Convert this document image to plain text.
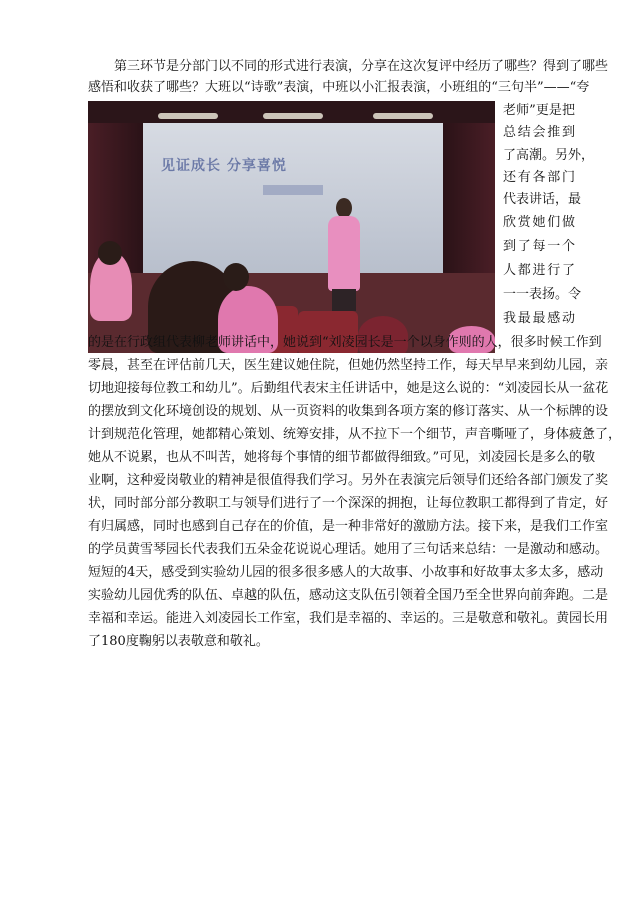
第三环节是分部门以不同的形式进行表演，分享在这次复评中经历了哪些？得到了哪些
感悟和收获了哪些？大班以“诗歌”表演，中班以小汇报表演，小班组的“三句半”——“夸
老师”更是把
总结会推到
了高潮。另外，
还有各部门
代表讲话，最
欣赏她们做
到了每一个
人都进行了
一一表扬。令
我最最感动
见证成长 分享喜悦
的是在行政组代表柳老师讲话中，她说到“刘凌园长是一个以身作则的人，很多时候工作到
零晨，甚至在评估前几天，医生建议她住院，但她仍然坚持工作，每天早早来到幼儿园，亲
切地迎接每位教工和幼儿”。后勤组代表宋主任讲话中，她是这么说的：“刘凌园长从一盆花
的摆放到文化环境创设的规划、从一页资料的收集到各项方案的修订落实、从一个标牌的设
计到规范化管理，她都精心策划、统筹安排，从不拉下一个细节，声音嘶哑了，身体疲惫了，
她从不说累，也从不叫苦，她将每个事情的细节都做得细致。”可见，刘凌园长是多么的敬
业啊，这种爱岗敬业的精神是很值得我们学习。另外在表演完后领导们还给各部门颁发了奖
状，同时部分部分教职工与领导们进行了一个深深的拥抱，让每位教职工都得到了肯定，好
有归属感，同时也感到自己存在的价值，是一种非常好的激励方法。接下来，是我们工作室
的学员黄雪琴园长代表我们五朵金花说说心理话。她用了三句话来总结：一是激动和感动。
短短的4天，感受到实验幼儿园的很多很多感人的大故事、小故事和好故事太多太多，感动
实验幼儿园优秀的队伍、卓越的队伍，感动这支队伍引领着全国乃至全世界向前奔跑。二是
幸福和幸运。能进入刘凌园长工作室，我们是幸福的、幸运的。三是敬意和敬礼。黄园长用
了180度鞠躬以表敬意和敬礼。
